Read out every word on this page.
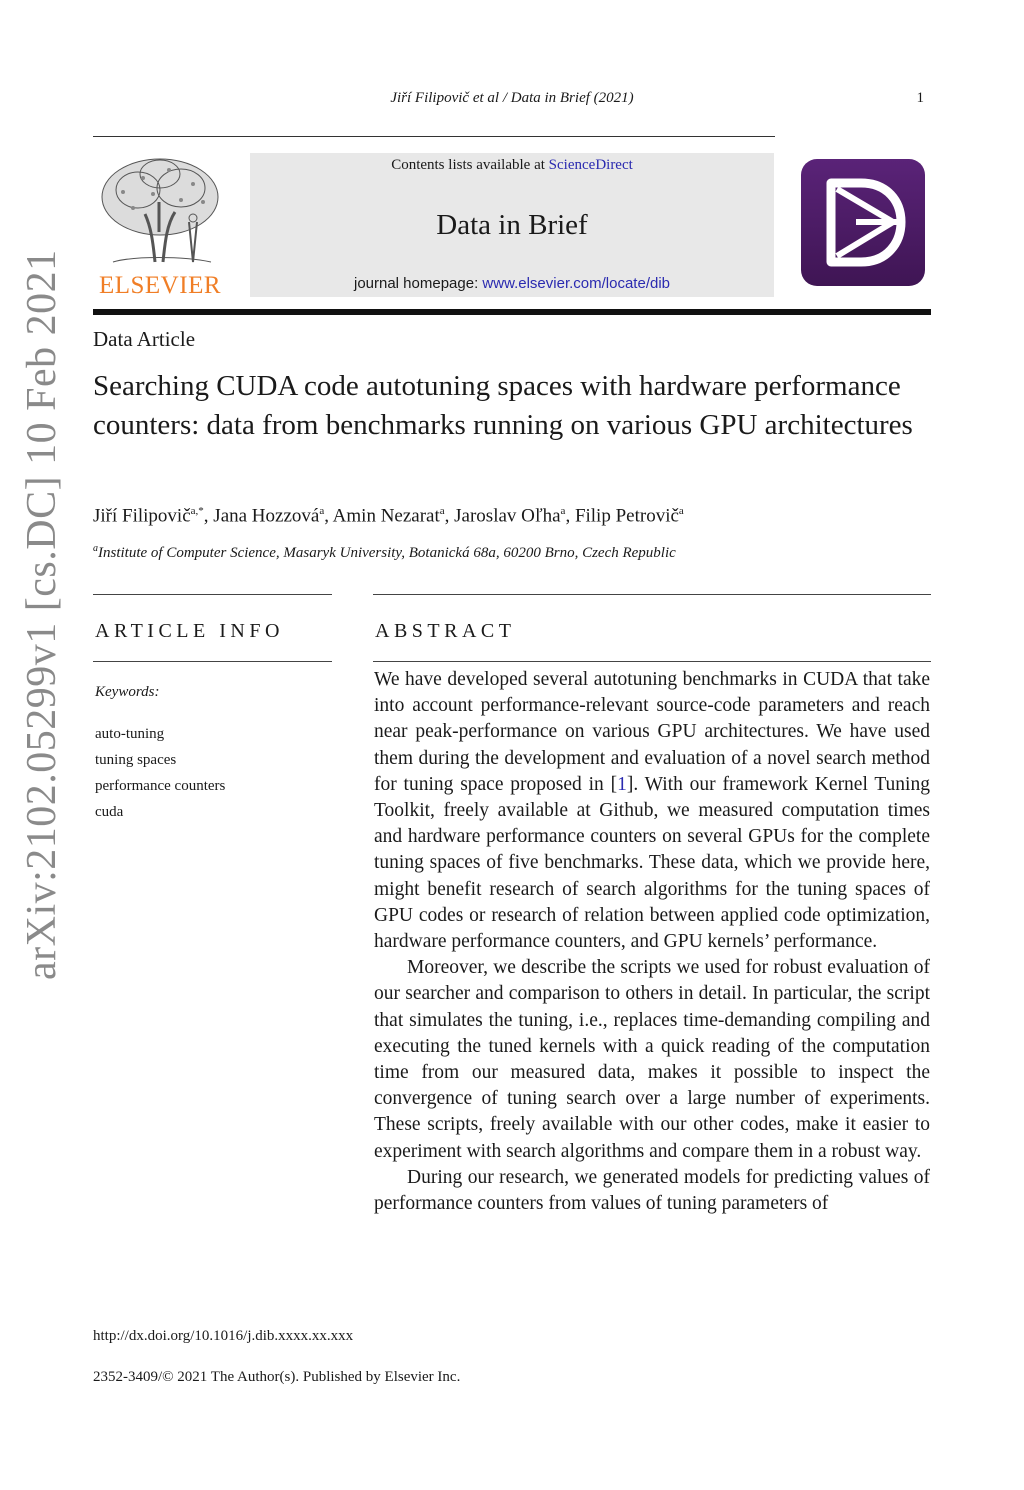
Jiří Filipovič et al / Data in Brief (2021)	1
arXiv:2102.05299v1 [cs.DC] 10 Feb 2021 ELSEVIER
Contents lists available at ScienceDirect
Data in Brief
journal homepage: www.elsevier.com/locate/dib
Data Article
Searching CUDA code autotuning spaces with hardware performance counters: data from benchmarks running on various GPU architectures
Jiří Filipovič$^{a,*}$, Jana Hozzová$^a$, Amin Nezarat$^a$, Jaroslav Oľha$^a$, Filip Petrovič$^a$
$^a$Institute of Computer Science, Masaryk University, Botanická 68a, 60200 Brno, Czech Republic
ARTICLE INFO
Keywords:
auto-tuning
tuning spaces
performance counters
cuda
ABSTRACT

We have developed several autotuning benchmarks in CUDA that take into account performance-relevant source-code parameters and reach near peak-performance on various GPU architectures. We have used them during the development and evaluation of a novel search method for tuning space proposed in [1]. With our framework Kernel Tuning Toolkit, freely available at Github, we measured computation times and hardware performance counters on several GPUs for the complete tuning spaces of five benchmarks. These data, which we provide here, might benefit research of search algorithms for the tuning spaces of GPU codes or research of relation between applied code optimization, hardware performance counters, and GPU kernels’ performance.

Moreover, we describe the scripts we used for robust evaluation of our searcher and comparison to others in detail. In particular, the script that simulates the tuning, i.e., replaces time-demanding compiling and executing the tuned kernels with a quick reading of the computation time from our measured data, makes it possible to inspect the convergence of tuning search over a large number of experiments. These scripts, freely available with our other codes, make it easier to experiment with search algorithms and compare them in a robust way.

During our research, we generated models for predicting values of performance counters from values of tuning parameters of

http://dx.doi.org/10.1016/j.dib.xxxx.xx.xxx
2352-3409/© 2021 The Author(s). Published by Elsevier Inc.
